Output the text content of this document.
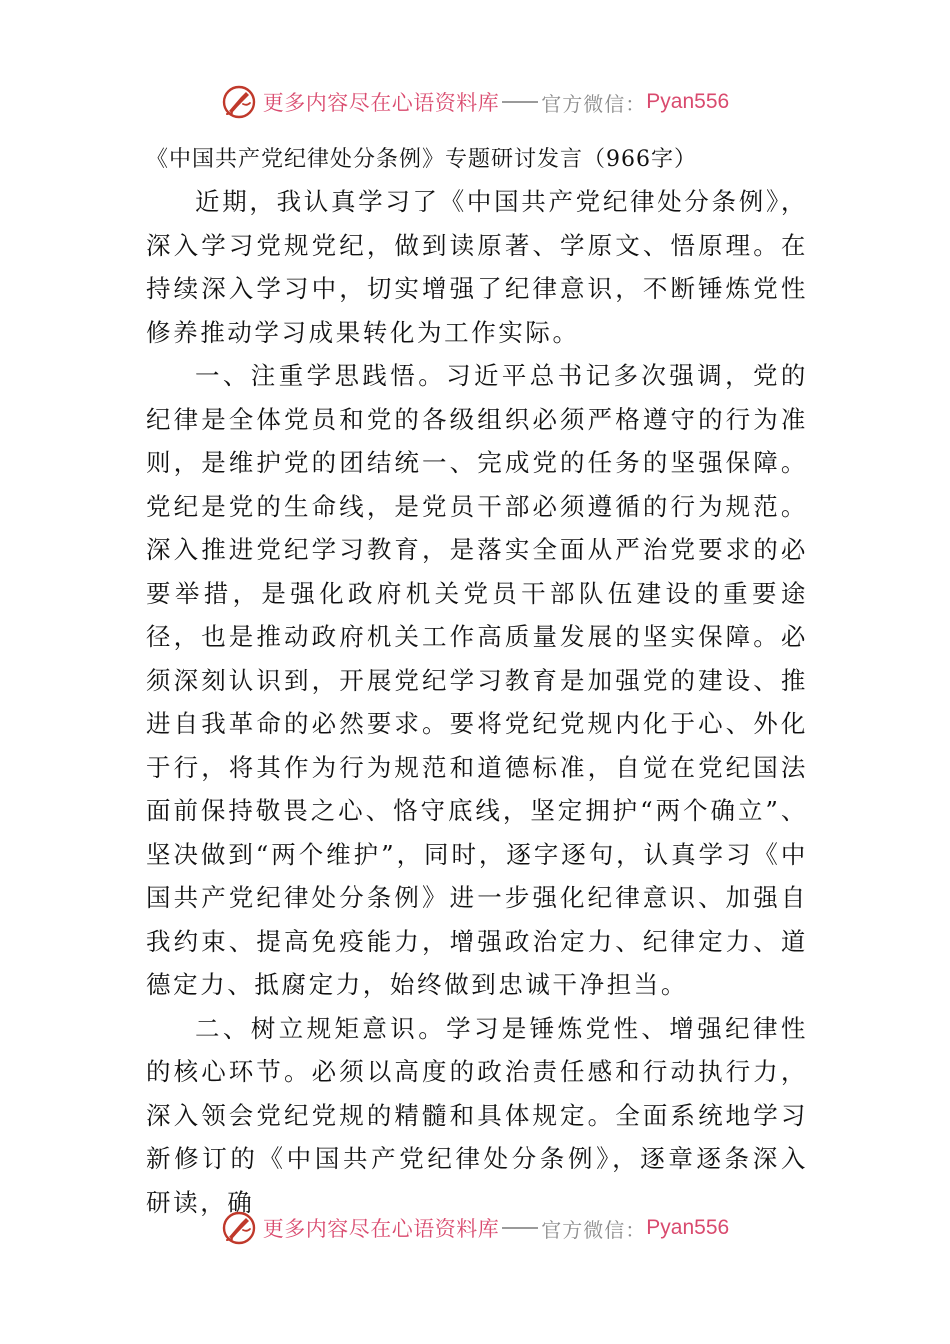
更多内容尽在心语资料库 官方微信： Pyan556

《中国共产党纪律处分条例》专题研讨发言（966字）

近期，我认真学习了《中国共产党纪律处分条例》，深入学习党规党纪，做到读原著、学原文、悟原理。在持续深入学习中，切实增强了纪律意识，不断锤炼党性修养推动学习成果转化为工作实际。

一、注重学思践悟。习近平总书记多次强调，党的纪律是全体党员和党的各级组织必须严格遵守的行为准则，是维护党的团结统一、完成党的任务的坚强保障。党纪是党的生命线，是党员干部必须遵循的行为规范。深入推进党纪学习教育，是落实全面从严治党要求的必要举措，是强化政府机关党员干部队伍建设的重要途径，也是推动政府机关工作高质量发展的坚实保障。必须深刻认识到，开展党纪学习教育是加强党的建设、推进自我革命的必然要求。要将党纪党规内化于心、外化于行，将其作为行为规范和道德标准，自觉在党纪国法面前保持敬畏之心、恪守底线，坚定拥护“两个确立”、坚决做到“两个维护”，同时，逐字逐句，认真学习《中国共产党纪律处分条例》进一步强化纪律意识、加强自我约束、提高免疫能力，增强政治定力、纪律定力、道德定力、抵腐定力，始终做到忠诚干净担当。

二、树立规矩意识。学习是锤炼党性、增强纪律性的核心环节。必须以高度的政治责任感和行动执行力，深入领会党纪党规的精髓和具体规定。全面系统地学习新修订的《中国共产党纪律处分条例》，逐章逐条深入研读，确

更多内容尽在心语资料库 官方微信： Pyan556
